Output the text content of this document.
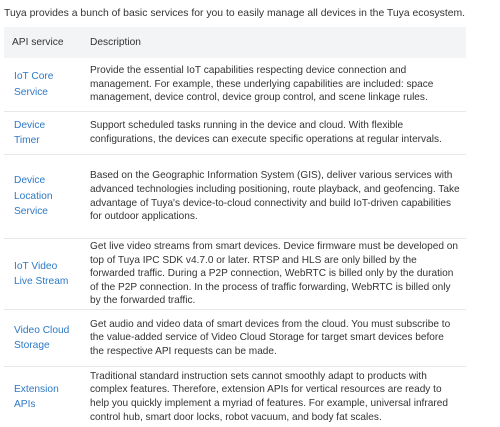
Tuya provides a bunch of basic services for you to easily manage all devices in the Tuya ecosystem.
API service	Description

IoT Core Service	Provide the essential IoT capabilities respecting device connection and management. For example, these underlying capabilities are included: space management, device control, device group control, and scene linkage rules.

Device Timer	Support scheduled tasks running in the device and cloud. With flexible configurations, the devices can execute specific operations at regular intervals.

Device Location Service	Based on the Geographic Information System (GIS), deliver various services with advanced technologies including positioning, route playback, and geofencing. Take advantage of Tuya's device-to-cloud connectivity and build IoT-driven capabilities for outdoor applications.

IoT Video Live Stream	Get live video streams from smart devices. Device firmware must be developed on top of Tuya IPC SDK v4.7.0 or later. RTSP and HLS are only billed by the forwarded traffic. During a P2P connection, WebRTC is billed only by the duration of the P2P connection. In the process of traffic forwarding, WebRTC is billed only by the forwarded traffic.

Video Cloud Storage	Get audio and video data of smart devices from the cloud. You must subscribe to the value-added service of Video Cloud Storage for target smart devices before the respective API requests can be made.

Extension APIs	Traditional standard instruction sets cannot smoothly adapt to products with complex features. Therefore, extension APIs for vertical resources are ready to help you quickly implement a myriad of features. For example, universal infrared control hub, smart door locks, robot vacuum, and body fat scales.
